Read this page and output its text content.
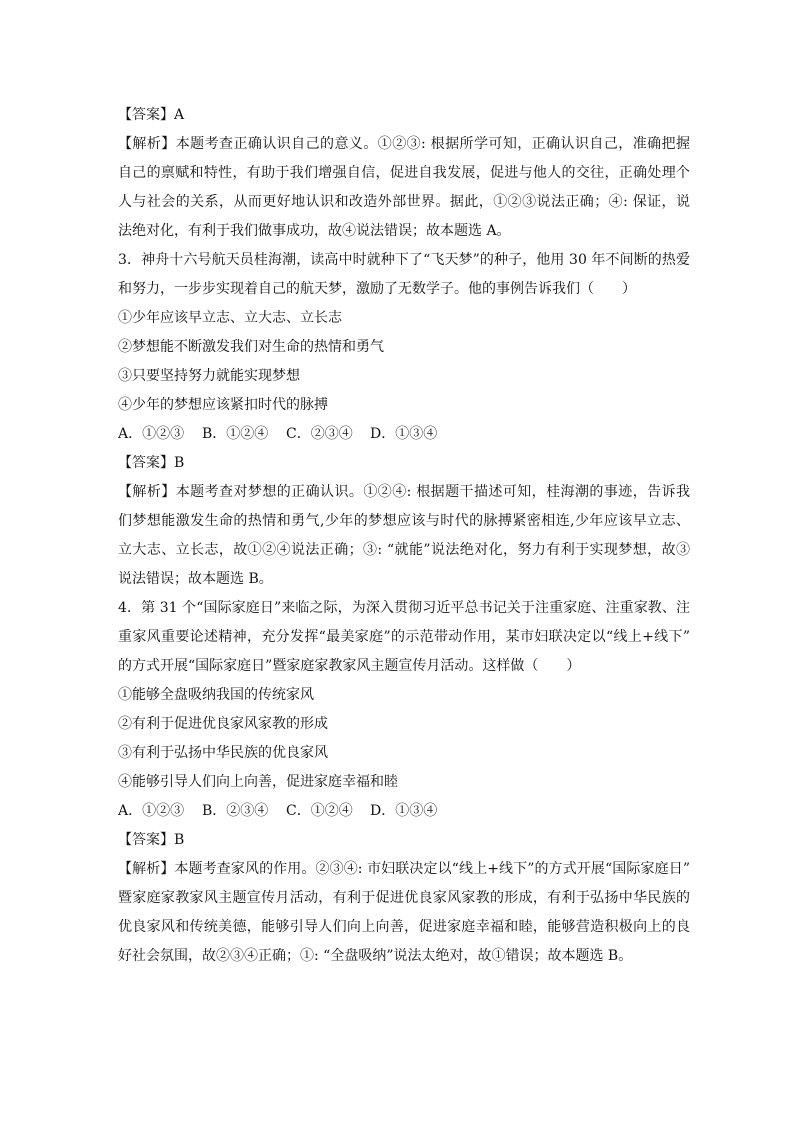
【答案】A
【解析】本题考查正确认识自己的意义。①②③: 根据所学可知，正确认识自己，准确把握
自己的禀赋和特性，有助于我们增强自信，促进自我发展，促进与他人的交往，正确处理个
人与社会的关系，从而更好地认识和改造外部世界。据此，①②③说法正确；④: 保证，说
法绝对化，有利于我们做事成功，故④说法错误；故本题选 A。
3．神舟十六号航天员桂海潮，读高中时就种下了“飞天梦”的种子，他用 30 年不间断的热爱
和努力，一步步实现着自己的航天梦，激励了无数学子。他的事例告诉我们（　　）
①少年应该早立志、立大志、立长志
②梦想能不断激发我们对生命的热情和勇气
③只要坚持努力就能实现梦想
④少年的梦想应该紧扣时代的脉搏
A．①②③ B．①②④ C．②③④ D．①③④
【答案】B
【解析】本题考查对梦想的正确认识。①②④: 根据题干描述可知，桂海潮的事迹，告诉我
们梦想能激发生命的热情和勇气,少年的梦想应该与时代的脉搏紧密相连,少年应该早立志、
立大志、立长志，故①②④说法正确；③: “就能”说法绝对化，努力有利于实现梦想，故③
说法错误；故本题选 B。
4．第 31 个“国际家庭日”来临之际，为深入贯彻习近平总书记关于注重家庭、注重家教、注
重家风重要论述精神，充分发挥“最美家庭”的示范带动作用，某市妇联决定以“线上+线下”
的方式开展“国际家庭日”暨家庭家教家风主题宣传月活动。这样做（　　）
①能够全盘吸纳我国的传统家风
②有利于促进优良家风家教的形成
③有利于弘扬中华民族的优良家风
④能够引导人们向上向善，促进家庭幸福和睦
A．①②③ B．②③④ C．①②④ D．①③④
【答案】B
【解析】本题考查家风的作用。②③④: 市妇联决定以“线上+线下”的方式开展“国际家庭日”
暨家庭家教家风主题宣传月活动，有利于促进优良家风家教的形成，有利于弘扬中华民族的
优良家风和传统美德，能够引导人们向上向善，促进家庭幸福和睦，能够营造积极向上的良
好社会氛围，故②③④正确；①: “全盘吸纳”说法太绝对，故①错误；故本题选 B。
